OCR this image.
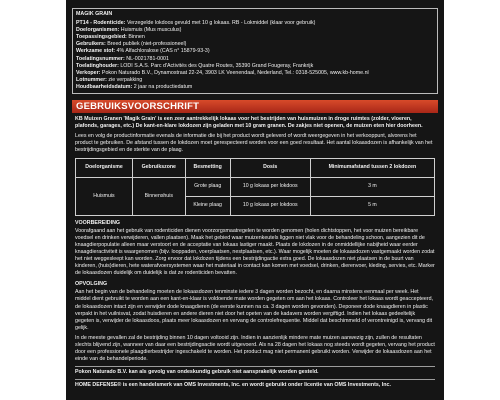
MAGIK GRAIN
PT14 - Rodenticide: Verzegelde lokdoos gevuld met 10 g lokaas. RB - Lokmiddel (klaar voor gebruik)
Doelorganismen: Huismuis (Mus musculus)
Toepassingsgebied: Binnen
Gebruikers: Breed publiek (niet-professioneel)
Werkzame stof: 4% Alfachloralose (CAS n° 15879-93-3)
Toelatingsnummer: NL-0021781-0001
Toelatinghouder: LODI S.A.S. Parc d'Activités des Quatre Routes, 35390 Grand Fougeray, Frankrijk
Verkoper: Pokon Naturado B.V., Dynamostraat 22-24, 3903 LK Veenendaal, Nederland, Tel.: 0318-525005, www.kb-home.nl
Lotnummer: zie verpakking
Houdbaarheidsdatum: 2 jaar na productiedatum
GEBRUIKSVOORSCHRIFT

KB Muizen Granen 'Magik Grain' is een zeer aantrekkelijk lokaas voor het bestrijden van huismuizen in droge ruimtes (zolder, vloeren, plafonds, garages, etc.) De kant-en-klare lokdozen zijn geladen met 10 gram granen. De zakjes niet openen, de muizen eten hier doorheen.

Lees en volg de productinformatie evenals de informatie die bij het product wordt geleverd of wordt weergegeven in het verkooppunt, alvorens het product te gebruiken. De afstand tussen de lokdozen moet gerespecteerd worden voor een goed resultaat. Het aantal lokaasdozen is afhankelijk van het bestrijdingsgebied en de sterkte van de plaag.

Doelorganisme	Gebruikszone	Besmetting	Dosis	Minimumafstand tussen 2 lokdozen
Huismuis	Binnenshuis	Grote plaag	10 g lokaas per lokdoos	3 m
		Kleine plaag	10 g lokaas per lokdoos	5 m
VOORBEREIDING

Voorafgaand aan het gebruik van rodenticiden dienen voorzorgsmaatregelen te worden genomen (holen dichtstoppen, het voor muizen bereikbare voedsel en drinken verwijderen, vallen plaatsen). Maak het gebied waar muizenkeutels liggen niet vlak voor de behandeling schoon, aangezien dit de knaagdierpopulatie alleen maar verstoort en de acceptatie van lokaas lastiger maakt. Plaats de lokdozen in de onmiddellijke nabijheid waar eerder knaagdieractiviteit is waargenomen (bijv. looppaden, voerplaatsen, nestplaatsen, etc.). Waar mogelijk moeten de lokaasdozen vastgemaakt worden zodat het niet weggesleept kan worden. Zorg ervoor dat lokdozen tijdens een bestrijdingactie extra goed. De lokaasdozen niet plaatsen in de buurt van kinderen, (huis)dieren, hete waterafvoersystemen waar het materiaal in contact kan komen met voedsel, drinken, dierenvoer, kleding, servies, etc. Marker de lokaasdozen duidelijk om duidelijk is dat ze rodenticiden bevatten.

OPVOLGING

Aan het begin van de behandeling moeten de lokaasdozen tenminste iedere 3 dagen worden bezocht, en daarna minstens eenmaal per week. Het middel dient gebruikt te worden aan een kant-en-klaar is voldoende mate worden gegeten om aan het lokaas. Controleer het lokaas wordt geaccepteerd, de lokaasdozen intact zijn en verwijder dode knaagdieren (de eerste kunnen na ca. 3 dagen worden gevonden). Deponeer dode knaagdieren in plastic verpakt in het vuilnisvat, zodat huisdieren en andere dieren niet door het opeten van de kadavers worden vergiftigd. Indien het lokaas gedeeltelijk gegeten is, verwijder de lokaasdoos, plaats meer lokaasdozen en vervang de controlefrequentie. Middel dat beschimmeld of verontreinigd is, vervang dit gelijk.

In de meeste gevallen zal de bestrijding binnen 10 dagen voltooid zijn. Indien in aanzienlijk mindere mate muizen aanwezig zijn, zullen de resultaten slechts blijvend zijn, wanneer van daar een bestrijdingsactie wordt uitgevoerd. Als na 28 dagen het lokaas nog steeds wordt gegeten, vervang het product door een professionele plaagdierbestrijder ingeschakeld te worden. Het product mag niet permanent gebruikt worden. Verwijder de lokaasdozen aan het einde van de behandelperiode.

Pokon Naturado B.V. kan als gevolg van ondeskundig gebruik niet aansprakelijk worden gesteld.

HOME DEFENSE® is een handelsmerk van OMS Investments, Inc. en wordt gebruikt onder licentie van OMS Investments, Inc.
